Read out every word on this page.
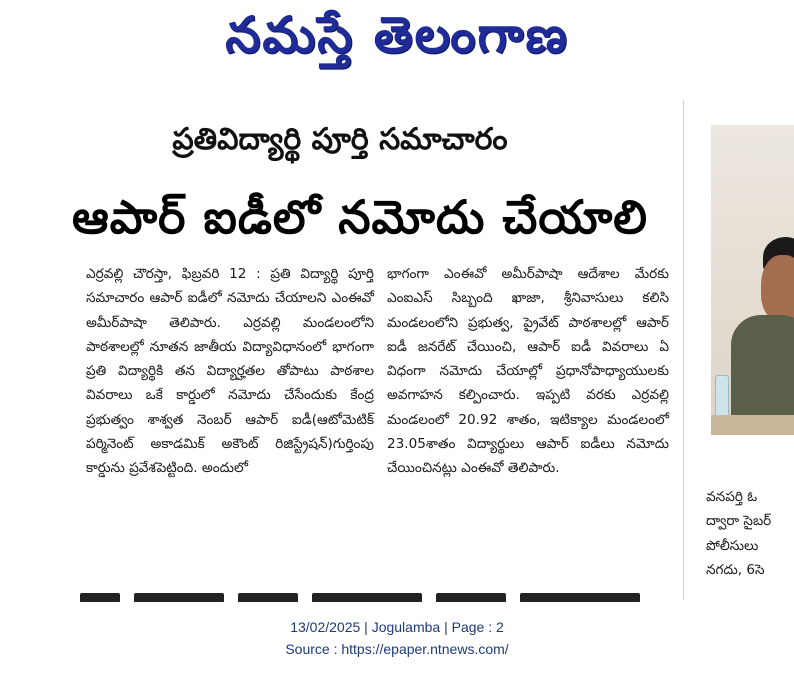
నమస్తే తెలంగాణ
ప్రతివిద్యార్థి పూర్తి సమాచారం
ఆపార్ ఐడీలో నమోదు చేయాలి

ఎర్రవల్లి చౌరస్తా, ఫిబ్రవరి 12 : ప్రతి విద్యార్థి పూర్తి సమాచారం ఆపార్ ఐడీలో నమోదు చేయాలని ఎంఈవో అమీర్‌పాషా తెలిపారు. ఎర్రవల్లి మండలంలోని పాఠశాలల్లో నూతన జాతీయ విద్యావిధానంలో భాగంగా ప్రతి విద్యార్థికి తన విద్యార్హతల తోపాటు పాఠశాల వివరాలు ఒకే కార్డులో నమోదు చేసేందుకు కేంద్ర ప్రభుత్వం శాశ్వత నెంబర్ ఆపార్ ఐడీ(ఆటోమెటిక్ పర్మినెంట్ అకాడమిక్ అకౌంట్ రిజిస్ట్రేషన్)గుర్తింపు కార్డును ప్రవేశపెట్టింది. అందులో

భాగంగా ఎంఈవో అమీర్‌పాషా ఆదేశాల మేరకు ఎంఐఎస్ సిబ్బంది ఖాజా, శ్రీనివాసులు కలిసి మండలంలోని ప్రభుత్వ, ప్రైవేట్ పాఠశాలల్లో ఆపార్ ఐడీ జనరేట్ చేయించి, ఆపార్ ఐడీ వివరాలు ఏ విధంగా నమోదు చేయాల్లో ప్రధానోపాధ్యాయులకు అవగాహన కల్పించారు. ఇప్పటి వరకు ఎర్రవల్లి మండలంలో 20.92 శాతం, ఇటిక్యాల మండలంలో 23.05శాతం విద్యార్థులు ఆపార్ ఐడీలు నమోదు చేయించినట్లు ఎంఈవో తెలిపారు.

వనపర్తి ఓ

ద్వారా సైబర్

పోలీసులు

నగదు, 6సె

13/02/2025 | Jogulamba | Page : 2
Source : https://epaper.ntnews.com/
